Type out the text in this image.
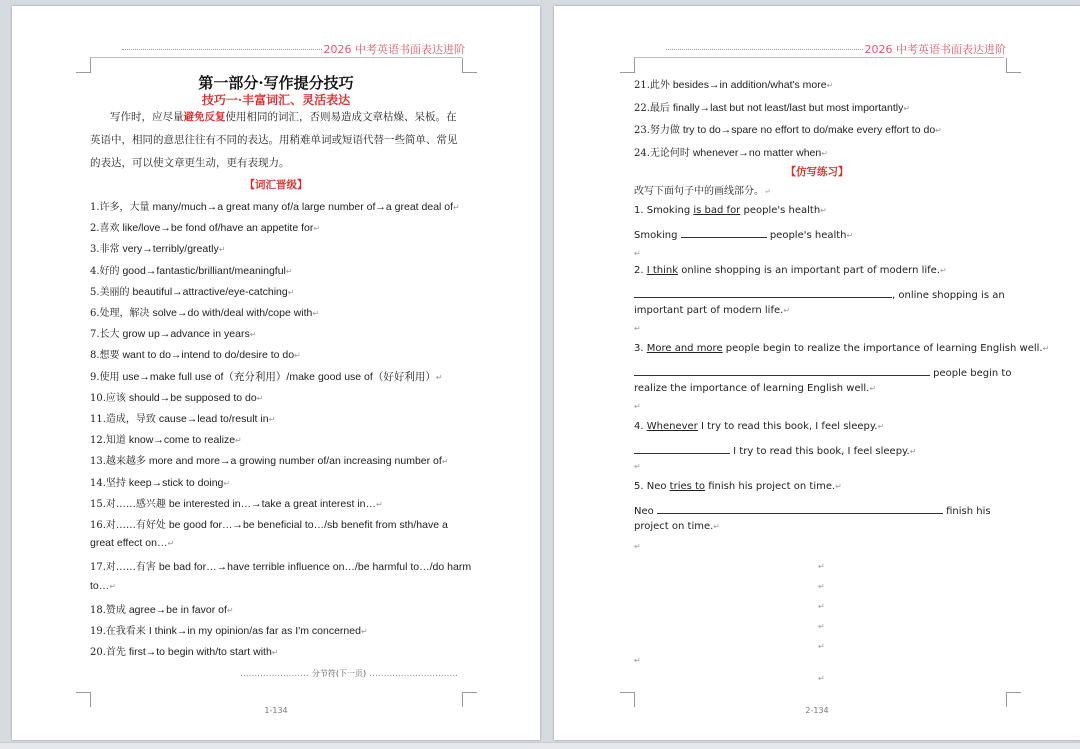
2026 中考英语书面表达进阶
第一部分·写作提分技巧
技巧一·丰富词汇、灵活表达
写作时，应尽量避免反复使用相同的词汇，否则易造成文章枯燥、呆板。在英语中，相同的意思往往有不同的表达。用稍难单词或短语代替一些简单、常见的表达，可以使文章更生动，更有表现力。
【词汇晋级】
1.许多，大量 many/much→a great many of/a large number of→a great deal of↵
2.喜欢 like/love→be fond of/have an appetite for↵
3.非常 very→terribly/greatly↵
4.好的 good→fantastic/brilliant/meaningful↵
5.美丽的 beautiful→attractive/eye-catching↵
6.处理，解决 solve→do with/deal with/cope with↵
7.长大 grow up→advance in years↵
8.想要 want to do→intend to do/desire to do↵
9.使用 use→make full use of（充分利用）/make good use of（好好利用）↵
10.应该 should→be supposed to do↵
11.造成，导致 cause→lead to/result in↵
12.知道 know→come to realize↵
13.越来越多 more and more→a growing number of/an increasing number of↵
14.坚持 keep→stick to doing↵
15.对……感兴趣 be interested in…→take a great interest in…↵
16.对……有好处 be good for…→be beneficial to…/sb benefit from sth/have a
great effect on…↵
17.对……有害 be bad for…→have terrible influence on…/be harmful to…/do harm
to…↵
18.赞成 agree→be in favor of↵
19.在我看来 I think→in my opinion/as far as I'm concerned↵
20.首先 first→to begin with/to start with↵
........................ 分节符(下一页) ...............................
1-134
2026 中考英语书面表达进阶
21.此外 besides→in addition/what's more↵
22.最后 finally→last but not least/last but most importantly↵
23.努力做 try to do→spare no effort to do/make every effort to do↵
24.无论何时 whenever→no matter when↵
【仿写练习】
改写下面句子中的画线部分。↵
1. Smoking is bad for people's health↵
Smoking	people's health↵
↵
2. I think online shopping is an important part of modern life.↵
, online shopping is an
important part of modern life.↵
↵
3. More and more people begin to realize the importance of learning English well.↵
people begin to
realize the importance of learning English well.↵
↵
4. Whenever I try to read this book, I feel sleepy.↵
I try to read this book, I feel sleepy.↵
↵
5. Neo tries to finish his project on time.↵
Neo	finish his
project on time.↵
↵
↵
↵
↵
↵
↵
↵
↵
2-134
